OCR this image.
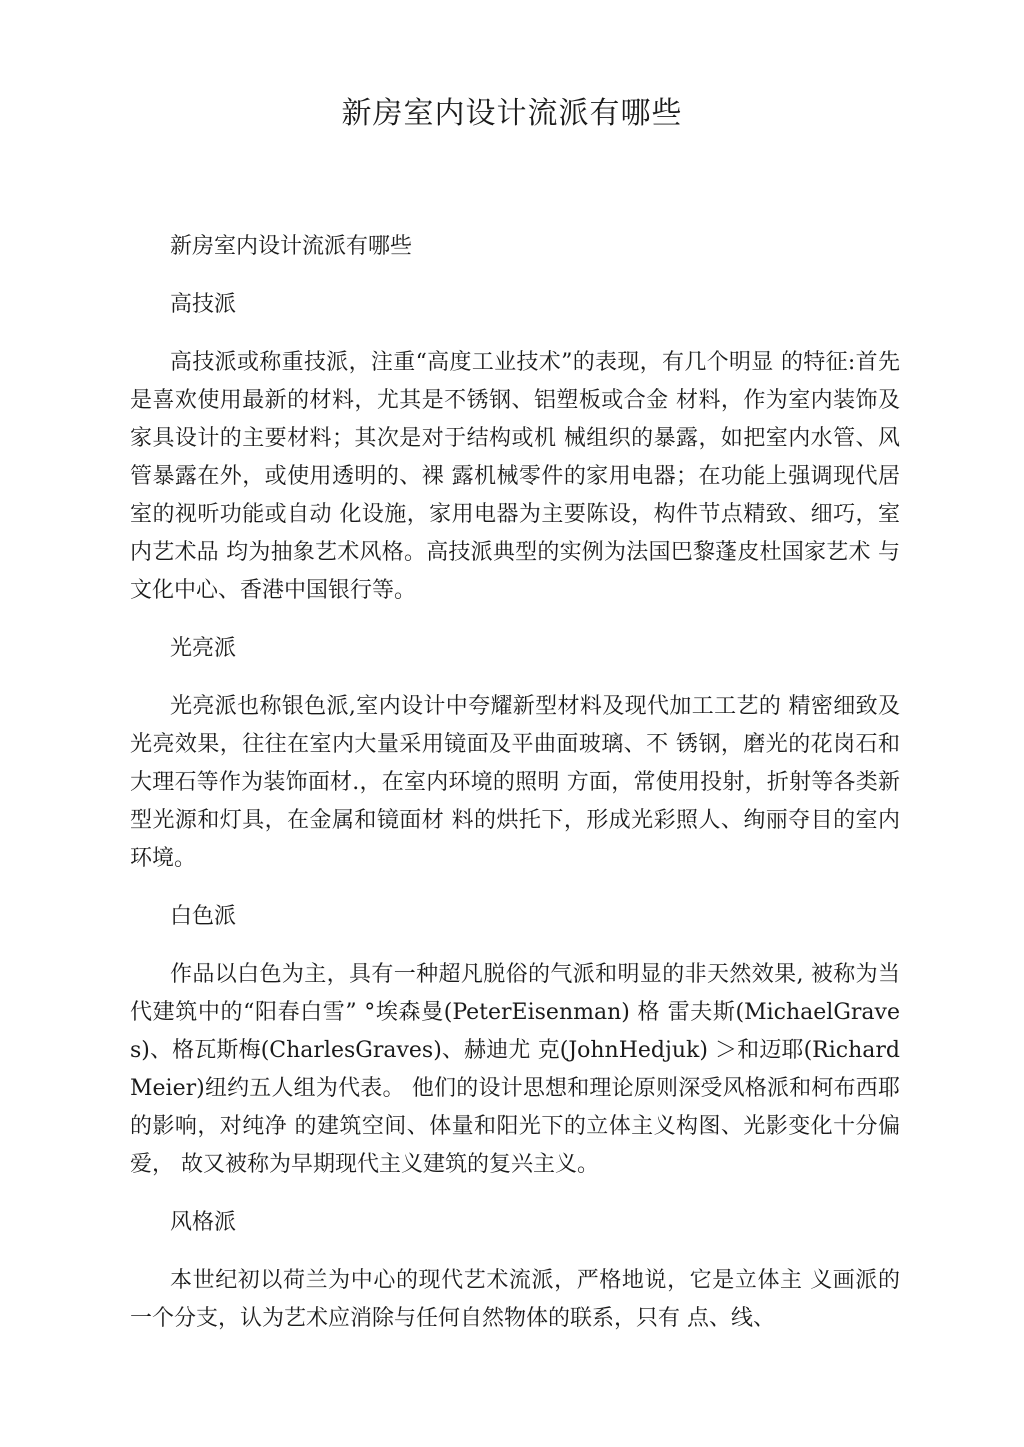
新房室内设计流派有哪些

新房室内设计流派有哪些

高技派

高技派或称重技派，注重“高度工业技术”的表现，有几个明显 的特征:首先是喜欢使用最新的材料，尤其是不锈钢、铝塑板或合金 材料，作为室内装饰及家具设计的主要材料；其次是对于结构或机 械组织的暴露，如把室内水管、风管暴露在外，或使用透明的、裸 露机械零件的家用电器；在功能上强调现代居室的视听功能或自动 化设施，家用电器为主要陈设，构件节点精致、细巧，室内艺术品 均为抽象艺术风格。高技派典型的实例为法国巴黎蓬皮杜国家艺术 与文化中心、香港中国银行等。

光亮派

光亮派也称银色派,室内设计中夸耀新型材料及现代加工工艺的 精密细致及光亮效果，往往在室内大量采用镜面及平曲面玻璃、不 锈钢，磨光的花岗石和大理石等作为装饰面材.，在室内环境的照明 方面，常使用投射，折射等各类新型光源和灯具，在金属和镜面材 料的烘托下，形成光彩照人、绚丽夺目的室内环境。

白色派

作品以白色为主，具有一种超凡脱俗的气派和明显的非天然效果, 被称为当代建筑中的“阳春白雪” °埃森曼(PeterEisenman) 格 雷夫斯(MichaelGraves)、格瓦斯梅(CharlesGraves)、赫迪尤 克(JohnHedjuk) ＞和迈耶(RichardMeier)纽约五人组为代表。 他们的设计思想和理论原则深受风格派和柯布西耶的影响，对纯净 的建筑空间、体量和阳光下的立体主义构图、光影变化十分偏爱， 故又被称为早期现代主义建筑的复兴主义。

风格派

本世纪初以荷兰为中心的现代艺术流派，严格地说，它是立体主 义画派的一个分支，认为艺术应消除与任何自然物体的联系，只有 点、线、
